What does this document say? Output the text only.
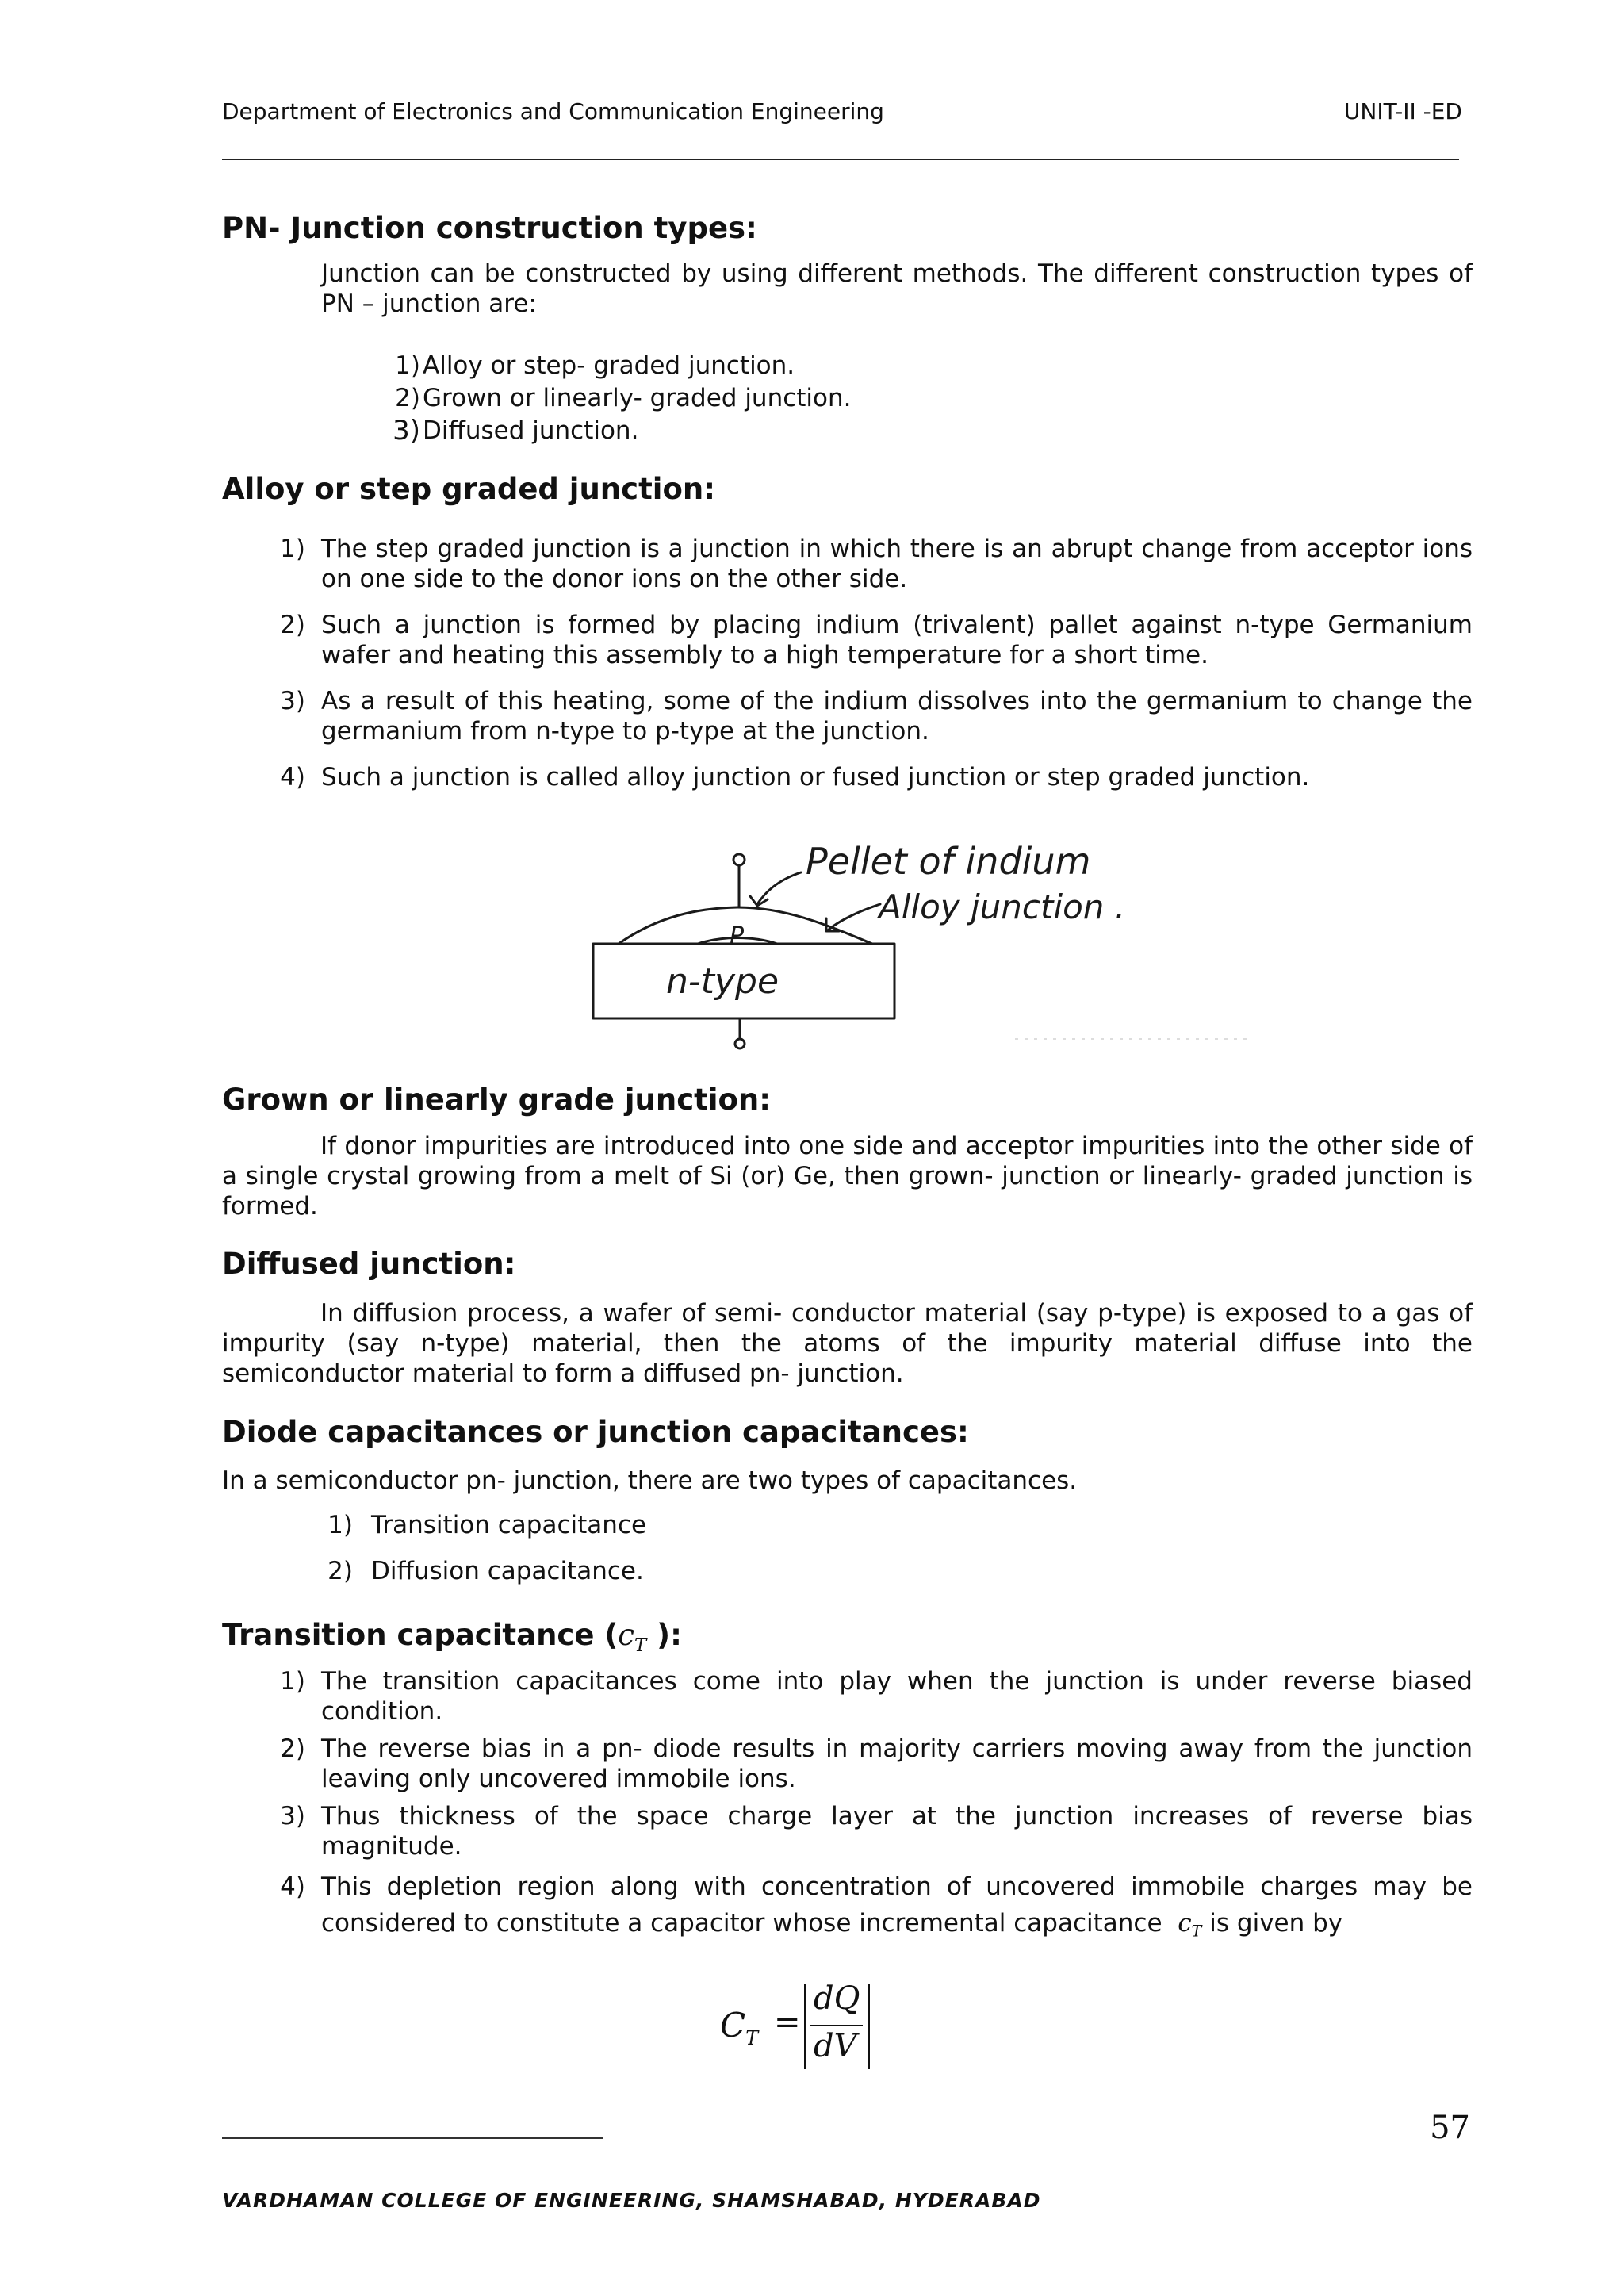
Department of Electronics and Communication Engineering	UNIT-II -ED
PN- Junction construction types:

Junction can be constructed by using different methods. The different construction types of PN – junction are:

1) Alloy or step- graded junction.
2) Grown or linearly- graded junction.
3) Diffused junction.
Alloy or step graded junction:
1) The step graded junction is a junction in which there is an abrupt change from acceptor ions on one side to the donor ions on the other side.
2) Such a junction is formed by placing indium (trivalent) pallet against n-type Germanium wafer and heating this assembly to a high temperature for a short time.
3) As a result of this heating, some of the indium dissolves into the germanium to change the germanium from n-type to p-type at the junction.
4) Such a junction is called alloy junction or fused junction or step graded junction.
Pellet of indium
Alloy junction .
P
n-type
Grown or linearly grade junction:

If donor impurities are introduced into one side and acceptor impurities into the other side of a single crystal growing from a melt of Si (or) Ge, then grown- junction or linearly- graded junction is formed.

Diffused junction:

In diffusion process, a wafer of semi- conductor material (say p-type) is exposed to a gas of impurity (say n-type) material, then the atoms of the impurity material diffuse into the semiconductor material to form a diffused pn- junction.

Diode capacitances or junction capacitances:

In a semiconductor pn- junction, there are two types of capacitances.

1) Transition capacitance
2) Diffusion capacitance.
Transition capacitance ($c_T$ ):
1) The transition capacitances come into play when the junction is under reverse biased condition.
2) The reverse bias in a pn- diode results in majority carriers moving away from the junction leaving only uncovered immobile ions.
3) Thus thickness of the space charge layer at the junction increases of reverse bias magnitude.
4) This depletion region along with concentration of uncovered immobile charges may be considered to constitute a capacitor whose incremental capacitance $c_T$ is given by
$C_T$ =
dQ
dV
57
VARDHAMAN COLLEGE OF ENGINEERING, SHAMSHABAD, HYDERABAD
